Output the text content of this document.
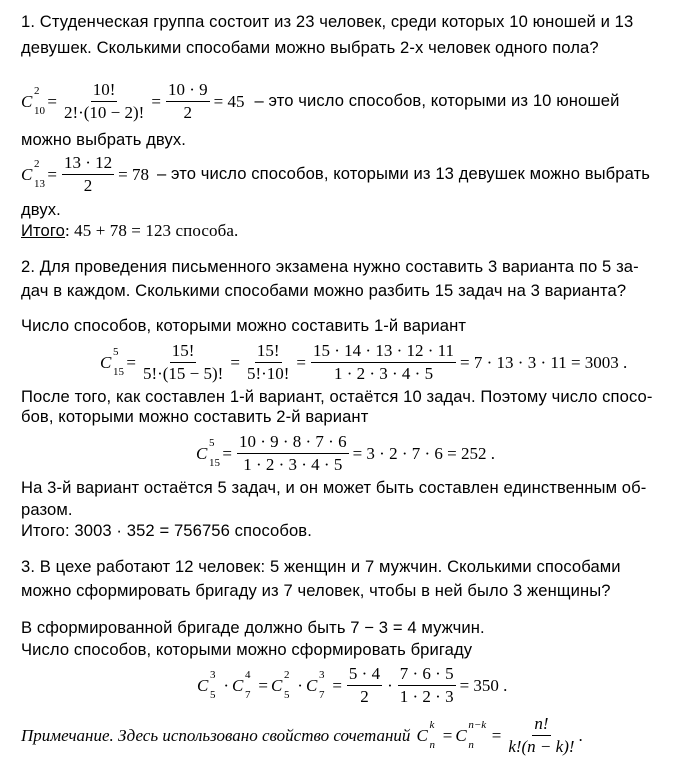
1. Студенческая группа состоит из 23 человек, среди которых 10 юношей и 13
девушек. Сколькими способами можно выбрать 2-х человек одного пола?
C
2
$10 = \frac{10!}{2!\cdot(10 - 2)!} = \frac{10 \cdot 9}{2} = 45$ – это число способов, которыми из 10 юношей
можно выбрать двух.
C
2
$13 = \frac{13 \cdot 12}{2} = 78$ – это число способов, которыми из 13 девушек можно выбрать
двух.
Итого: 45 + 78 = 123 способа.
2. Для проведения письменного экзамена нужно составить 3 варианта по 5 за-
дач в каждом. Сколькими способами можно разбить 15 задач на 3 варианта?
Число способов, которыми можно составить 1-й вариант
C
5
$15 = \frac{15!}{5!\cdot(15 - 5)!} = \frac{15!}{5!\cdot 10!} = \frac{15 \cdot 14 \cdot 13 \cdot 12 \cdot 11}{1 \cdot 2 \cdot 3 \cdot 4 \cdot 5} = 7 \cdot 13 \cdot 3 \cdot 11 = 3003$ .
После того, как составлен 1-й вариант, остаётся 10 задач. Поэтому число спосо-
бов, которыми можно составить 2-й вариант
C
5
$15 = \frac{10 \cdot 9 \cdot 8 \cdot 7 \cdot 6}{1 \cdot 2 \cdot 3 \cdot 4 \cdot 5} = 3 \cdot 2 \cdot 7 \cdot 6 = 252$ .
На 3-й вариант остаётся 5 задач, и он может быть составлен единственным об-
разом.
Итого: 3003 · 352 = 756756 способов.
3. В цехе работают 12 человек: 5 женщин и 7 мужчин. Сколькими способами
можно сформировать бригаду из 7 человек, чтобы в ней было 3 женщины?
В сформированной бригаде должно быть 7 − 3 = 4 мужчин.
Число способов, которыми можно сформировать бригаду
C
3
5 · C
4
7 = C
2
5 · C
3
$7 = \frac{5 \cdot 4}{2} \cdot \frac{7 \cdot 6 \cdot 5}{1 \cdot 2 \cdot 3} = 350$ .
Примечание. Здесь использовано свойство сочетаний C
k
n = C
n−k
$n = \frac{n!}{k!(n - k)!}$ .
